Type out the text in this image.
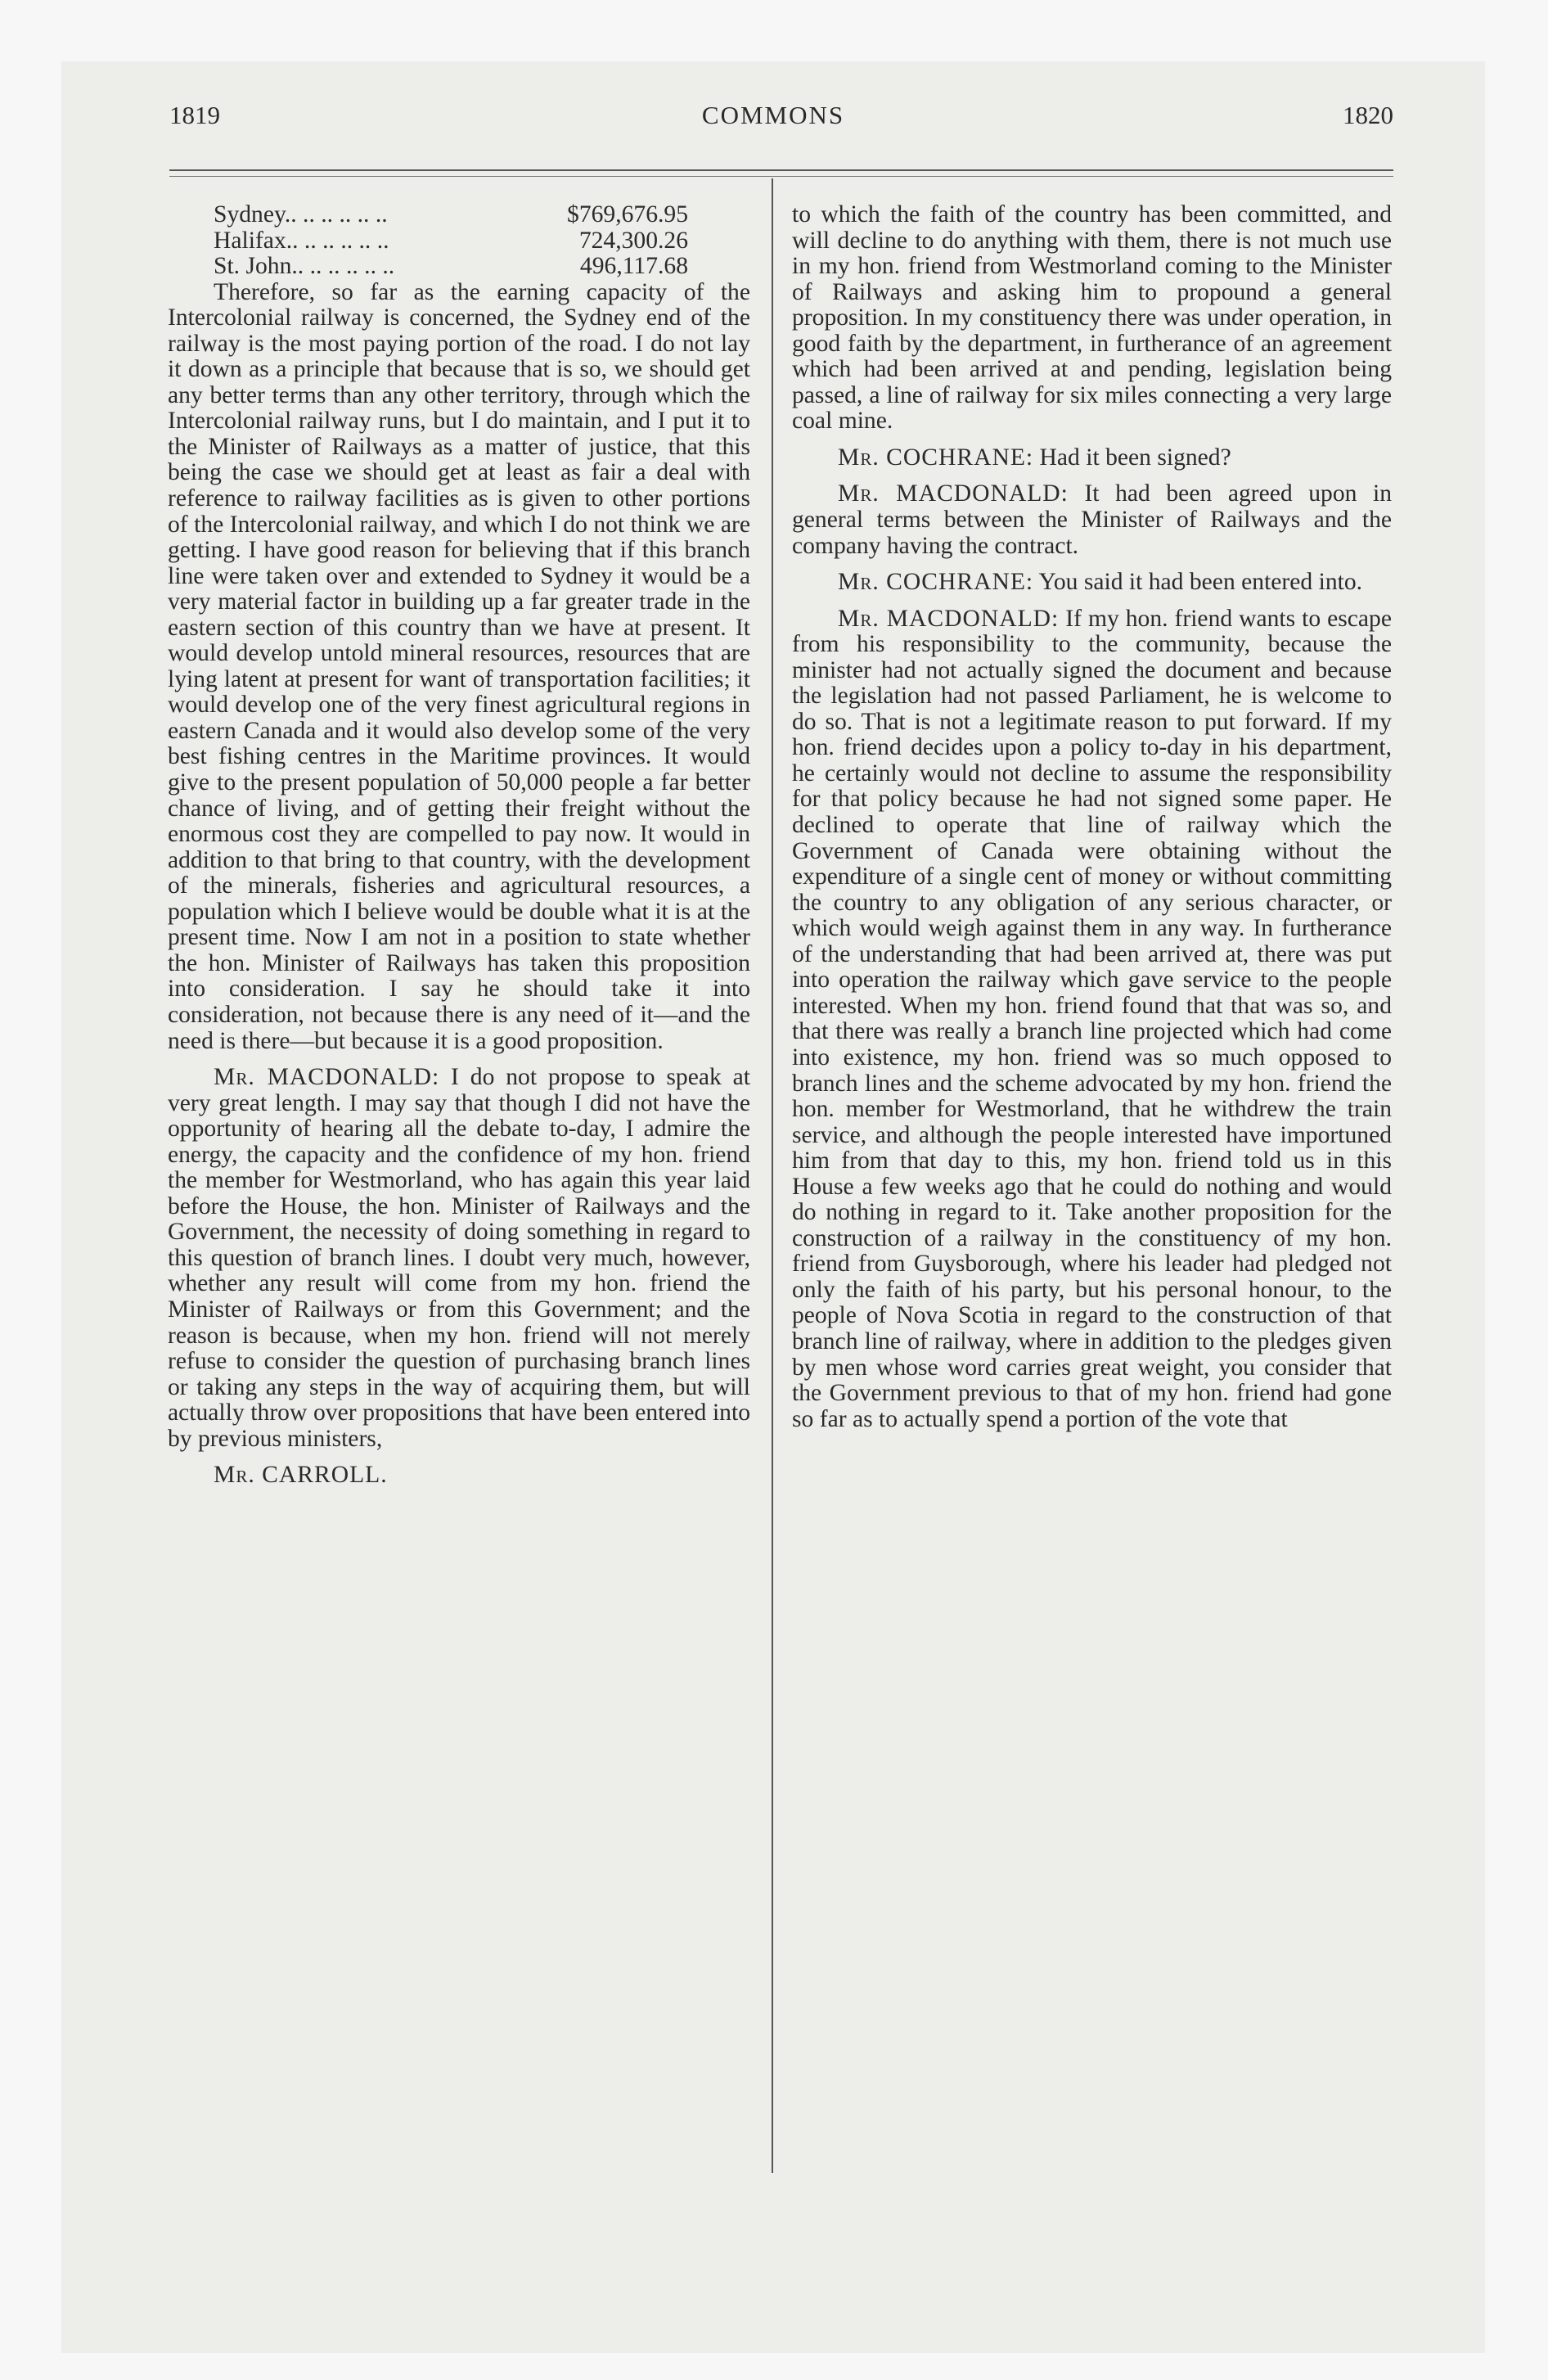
1819	COMMONS	1820
Sydney.. .. .. .. .. ..	$769,676.95
Halifax.. .. .. .. .. ..	724,300.26
St. John.. .. .. .. .. ..	496,117.68

Therefore, so far as the earning capacity of the Intercolonial railway is concerned, the Sydney end of the railway is the most paying portion of the road. I do not lay it down as a principle that because that is so, we should get any better terms than any other territory, through which the Intercolonial railway runs, but I do maintain, and I put it to the Minister of Railways as a matter of justice, that this being the case we should get at least as fair a deal with reference to railway facilities as is given to other portions of the Intercolonial railway, and which I do not think we are getting. I have good reason for believing that if this branch line were taken over and extended to Sydney it would be a very material factor in building up a far greater trade in the eastern section of this country than we have at present. It would develop untold mineral resources, resources that are lying latent at present for want of transportation facilities; it would develop one of the very finest agricultural regions in eastern Canada and it would also develop some of the very best fishing centres in the Maritime provinces. It would give to the present population of 50,000 people a far better chance of living, and of getting their freight without the enormous cost they are compelled to pay now. It would in addition to that bring to that country, with the development of the minerals, fisheries and agricultural resources, a population which I believe would be double what it is at the present time. Now I am not in a position to state whether the hon. Minister of Railways has taken this proposition into consideration. I say he should take it into consideration, not because there is any need of it—and the need is there—but because it is a good proposition.

Mr. MACDONALD: I do not propose to speak at very great length. I may say that though I did not have the opportunity of hearing all the debate to-day, I admire the energy, the capacity and the confidence of my hon. friend the member for Westmorland, who has again this year laid before the House, the hon. Minister of Railways and the Government, the necessity of doing something in regard to this question of branch lines. I doubt very much, however, whether any result will come from my hon. friend the Minister of Railways or from this Government; and the reason is because, when my hon. friend will not merely refuse to consider the question of purchasing branch lines or taking any steps in the way of acquiring them, but will actually throw over propositions that have been entered into by previous ministers,

Mr. CARROLL.

to which the faith of the country has been committed, and will decline to do anything with them, there is not much use in my hon. friend from Westmorland coming to the Minister of Railways and asking him to propound a general proposition. In my constituency there was under operation, in good faith by the department, in furtherance of an agreement which had been arrived at and pending, legislation being passed, a line of railway for six miles connecting a very large coal mine.

Mr. COCHRANE: Had it been signed?

Mr. MACDONALD: It had been agreed upon in general terms between the Minister of Railways and the company having the contract.

Mr. COCHRANE: You said it had been entered into.

Mr. MACDONALD: If my hon. friend wants to escape from his responsibility to the community, because the minister had not actually signed the document and because the legislation had not passed Parliament, he is welcome to do so. That is not a legitimate reason to put forward. If my hon. friend decides upon a policy to-day in his department, he certainly would not decline to assume the responsibility for that policy because he had not signed some paper. He declined to operate that line of railway which the Government of Canada were obtaining without the expenditure of a single cent of money or without committing the country to any obligation of any serious character, or which would weigh against them in any way. In furtherance of the understanding that had been arrived at, there was put into operation the railway which gave service to the people interested. When my hon. friend found that that was so, and that there was really a branch line projected which had come into existence, my hon. friend was so much opposed to branch lines and the scheme advocated by my hon. friend the hon. member for Westmorland, that he withdrew the train service, and although the people interested have importuned him from that day to this, my hon. friend told us in this House a few weeks ago that he could do nothing and would do nothing in regard to it. Take another proposition for the construction of a railway in the constituency of my hon. friend from Guysborough, where his leader had pledged not only the faith of his party, but his personal honour, to the people of Nova Scotia in regard to the construction of that branch line of railway, where in addition to the pledges given by men whose word carries great weight, you consider that the Government previous to that of my hon. friend had gone so far as to actually spend a portion of the vote that
